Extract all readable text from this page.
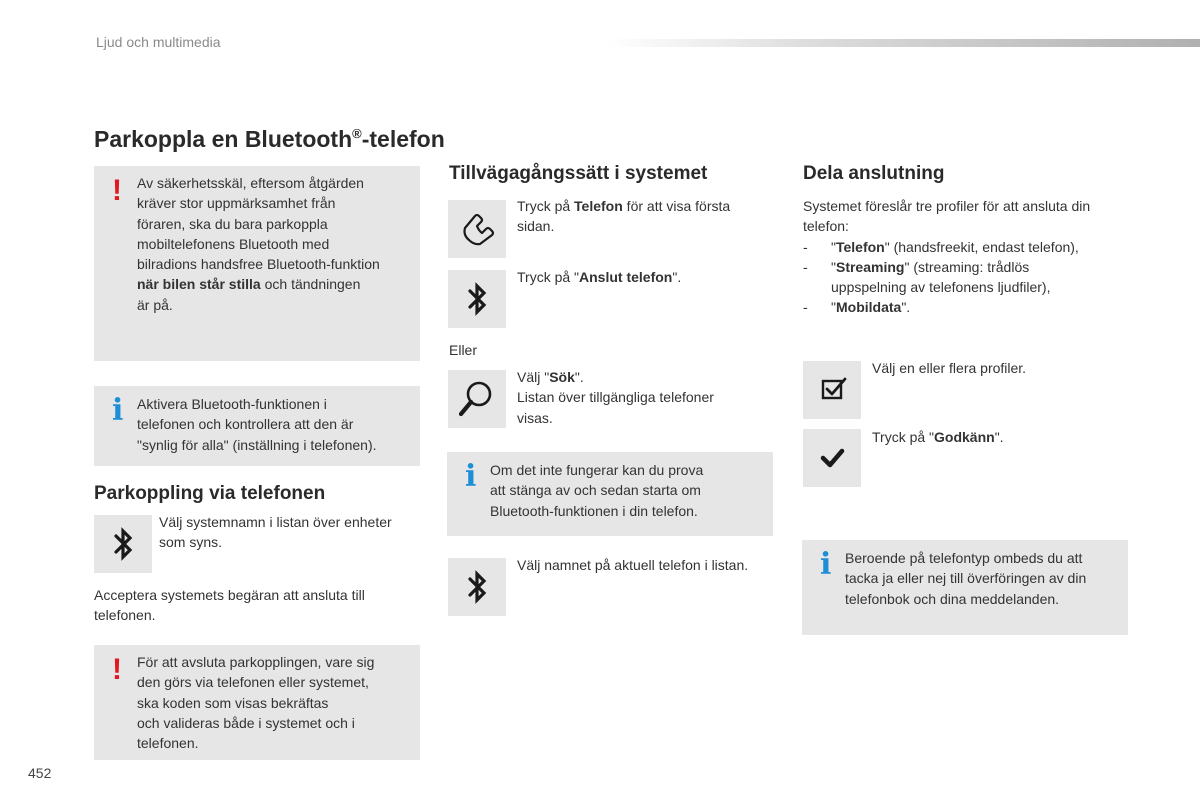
Ljud och multimedia
Parkoppla en Bluetooth®-telefon
! Av säkerhetsskäl, eftersom åtgärden
kräver stor uppmärksamhet från
föraren, ska du bara parkoppla
mobiltelefonens Bluetooth med
bilradions handsfree Bluetooth-funktion
när bilen står stilla och tändningen
är på.
i Aktivera Bluetooth-funktionen i
telefonen och kontrollera att den är
"synlig för alla" (inställning i telefonen).
Parkoppling via telefonen
Välj systemnamn i listan över enheter
som syns.
Acceptera systemets begäran att ansluta till
telefonen.
! För att avsluta parkopplingen, vare sig
den görs via telefonen eller systemet,
ska koden som visas bekräftas
och valideras både i systemet och i
telefonen.
Tillvägagångssätt i systemet
Tryck på Telefon för att visa första
sidan.
Tryck på "Anslut telefon".
Eller
Välj "Sök".
Listan över tillgängliga telefoner
visas.
i Om det inte fungerar kan du prova
att stänga av och sedan starta om
Bluetooth-funktionen i din telefon.
Välj namnet på aktuell telefon i listan.
Dela anslutning
Systemet föreslår tre profiler för att ansluta din
telefon:
- "Telefon" (handsfreekit, endast telefon),
- "Streaming" (streaming: trådlös
uppspelning av telefonens ljudfiler),
- "Mobildata".
Välj en eller flera profiler.
Tryck på "Godkänn".
i Beroende på telefontyp ombeds du att
tacka ja eller nej till överföringen av din
telefonbok och dina meddelanden.
452
